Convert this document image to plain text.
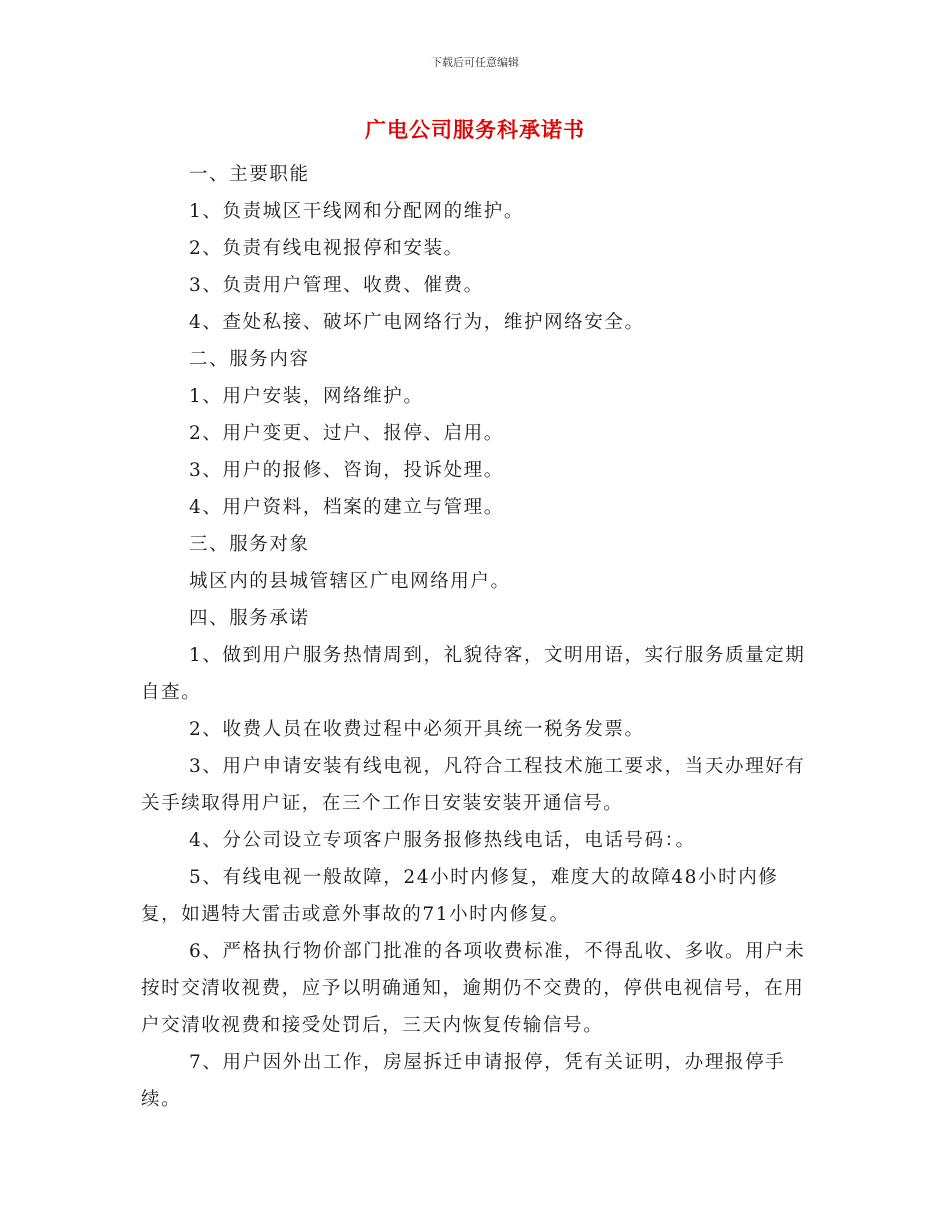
下载后可任意编辑
广电公司服务科承诺书

一、主要职能

1、负责城区干线网和分配网的维护。

2、负责有线电视报停和安装。

3、负责用户管理、收费、催费。

4、查处私接、破坏广电网络行为，维护网络安全。

二、服务内容

1、用户安装，网络维护。

2、用户变更、过户、报停、启用。

3、用户的报修、咨询，投诉处理。

4、用户资料，档案的建立与管理。

三、服务对象

城区内的县城管辖区广电网络用户。

四、服务承诺

1、做到用户服务热情周到，礼貌待客，文明用语，实行服务质量定期自查。

2、收费人员在收费过程中必须开具统一税务发票。

3、用户申请安装有线电视，凡符合工程技术施工要求，当天办理好有关手续取得用户证，在三个工作日安装安装开通信号。

4、分公司设立专项客户服务报修热线电话，电话号码：。

5、有线电视一般故障，24小时内修复，难度大的故障48小时内修复，如遇特大雷击或意外事故的71小时内修复。

6、严格执行物价部门批准的各项收费标准，不得乱收、多收。用户未按时交清收视费，应予以明确通知，逾期仍不交费的，停供电视信号，在用户交清收视费和接受处罚后，三天内恢复传输信号。

7、用户因外出工作，房屋拆迁申请报停，凭有关证明，办理报停手续。
